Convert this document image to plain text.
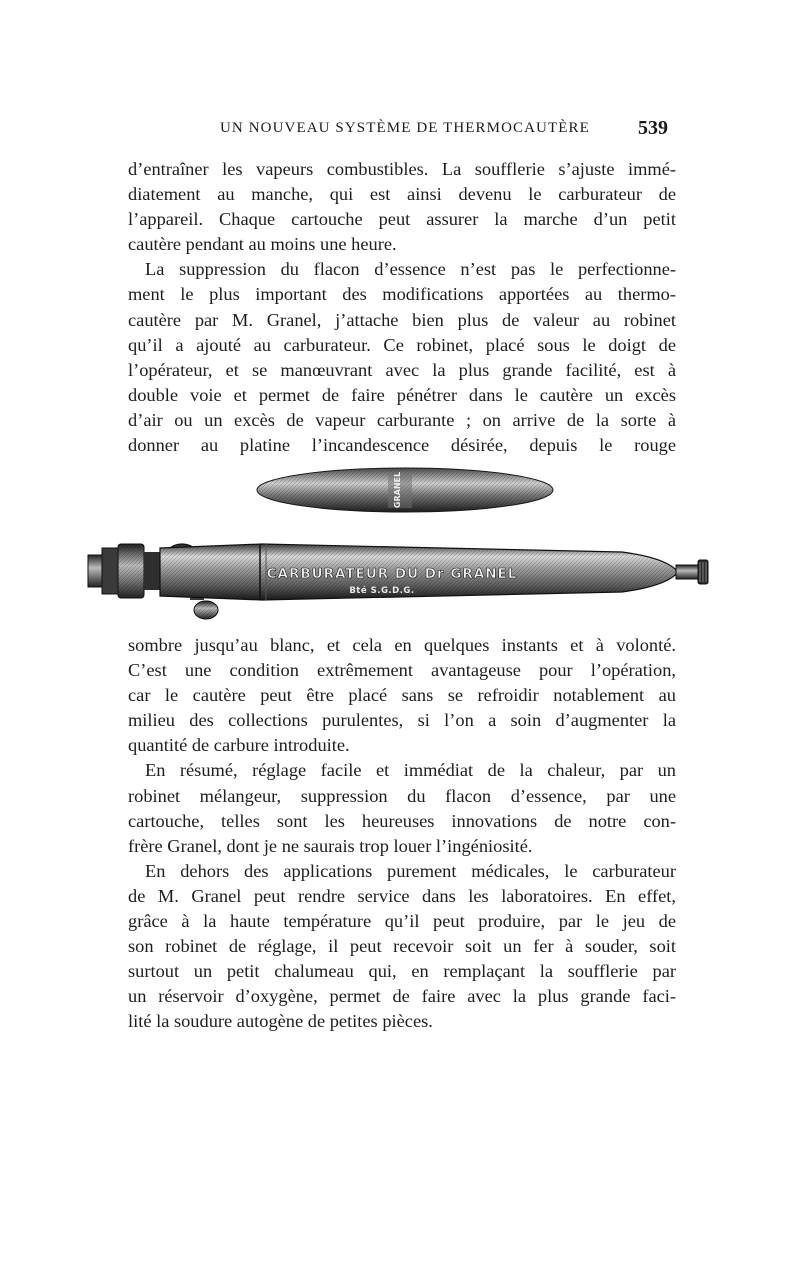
UN NOUVEAU SYSTÈME DE THERMOCAUTÈRE 539
d’entraîner les vapeurs combustibles. La soufflerie s’ajuste immé-
diatement au manche, qui est ainsi devenu le carburateur de
l’appareil. Chaque cartouche peut assurer la marche d’un petit
cautère pendant au moins une heure.
La suppression du flacon d’essence n’est pas le perfectionne-
ment le plus important des modifications apportées au thermo-
cautère par M. Granel, j’attache bien plus de valeur au robinet
qu’il a ajouté au carburateur. Ce robinet, placé sous le doigt de
l’opérateur, et se manœuvrant avec la plus grande facilité, est à
double voie et permet de faire pénétrer dans le cautère un excès
d’air ou un excès de vapeur carburante ; on arrive de la sorte à
donner au platine l’incandescence désirée, depuis le rouge
GRANEL
CARBURATEUR DU Dr GRANEL
Bté S.G.D.G.
sombre jusqu’au blanc, et cela en quelques instants et à volonté.
C’est une condition extrêmement avantageuse pour l’opération,
car le cautère peut être placé sans se refroidir notablement au
milieu des collections purulentes, si l’on a soin d’augmenter la
quantité de carbure introduite.
En résumé, réglage facile et immédiat de la chaleur, par un
robinet mélangeur, suppression du flacon d’essence, par une
cartouche, telles sont les heureuses innovations de notre con-
frère Granel, dont je ne saurais trop louer l’ingéniosité.
En dehors des applications purement médicales, le carburateur
de M. Granel peut rendre service dans les laboratoires. En effet,
grâce à la haute température qu’il peut produire, par le jeu de
son robinet de réglage, il peut recevoir soit un fer à souder, soit
surtout un petit chalumeau qui, en remplaçant la soufflerie par
un réservoir d’oxygène, permet de faire avec la plus grande faci-
lité la soudure autogène de petites pièces.
